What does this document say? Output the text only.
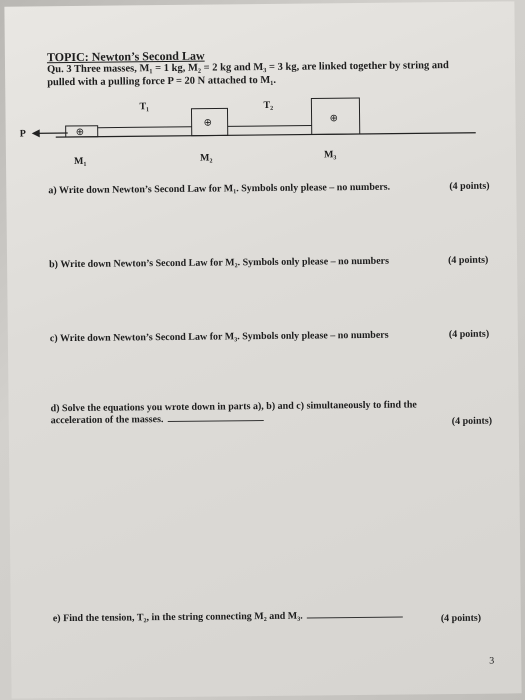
TOPIC: Newton’s Second Law
Qu. 3 Three masses, M₁ = 1 kg, M₂ = 2 kg and M₃ = 3 kg, are linked together by string and
pulled with a pulling force P = 20 N attached to M₁.
P	⊕
T₁
⊕
T₂
⊕
M₁	M₂	M₃
a) Write down Newton’s Second Law for M₁. Symbols only please – no numbers.	(4 points)
b) Write down Newton’s Second Law for M₂. Symbols only please – no numbers	(4 points)
c) Write down Newton’s Second Law for M₃. Symbols only please – no numbers	(4 points)
d) Solve the equations you wrote down in parts a), b) and c) simultaneously to find the
acceleration of the masses.	(4 points)
e) Find the tension, T₂, in the string connecting M₂ and M₃.	(4 points)
3
